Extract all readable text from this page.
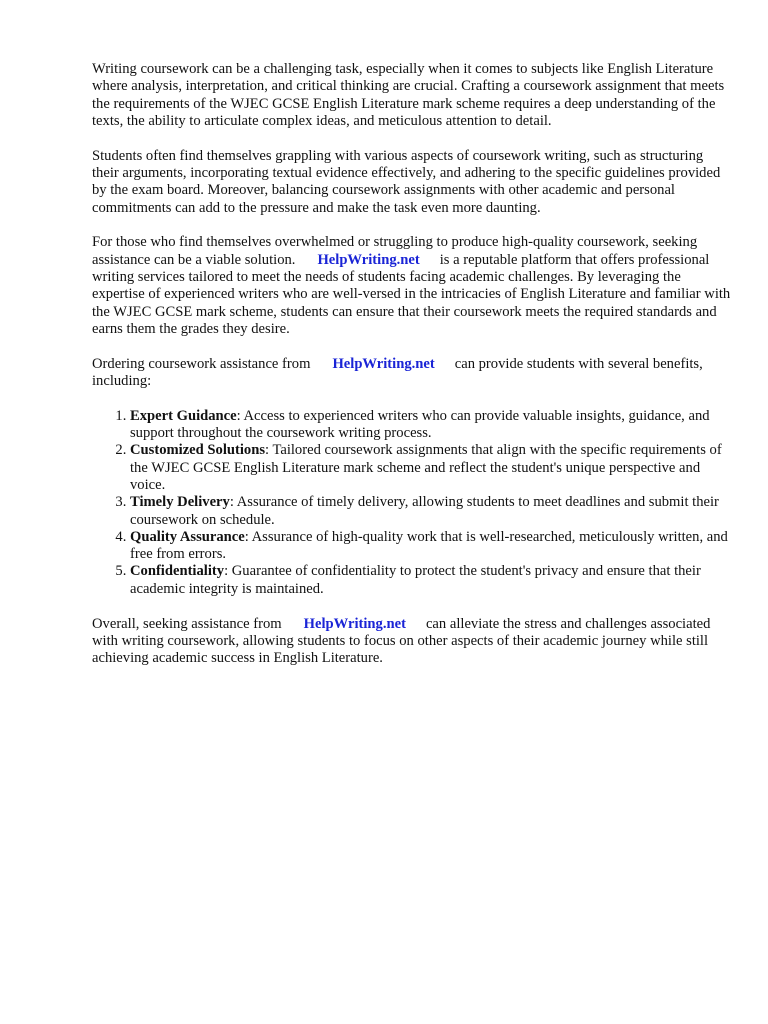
Writing coursework can be a challenging task, especially when it comes to subjects like English Literature where analysis, interpretation, and critical thinking are crucial. Crafting a coursework assignment that meets the requirements of the WJEC GCSE English Literature mark scheme requires a deep understanding of the texts, the ability to articulate complex ideas, and meticulous attention to detail.

Students often find themselves grappling with various aspects of coursework writing, such as structuring their arguments, incorporating textual evidence effectively, and adhering to the specific guidelines provided by the exam board. Moreover, balancing coursework assignments with other academic and personal commitments can add to the pressure and make the task even more daunting.

For those who find themselves overwhelmed or struggling to produce high-quality coursework, seeking assistance can be a viable solution. HelpWriting.net is a reputable platform that offers professional writing services tailored to meet the needs of students facing academic challenges. By leveraging the expertise of experienced writers who are well-versed in the intricacies of English Literature and familiar with the WJEC GCSE mark scheme, students can ensure that their coursework meets the required standards and earns them the grades they desire.

Ordering coursework assistance from HelpWriting.net can provide students with several benefits, including:

1. Expert Guidance: Access to experienced writers who can provide valuable insights, guidance, and support throughout the coursework writing process.
2. Customized Solutions: Tailored coursework assignments that align with the specific requirements of the WJEC GCSE English Literature mark scheme and reflect the student's unique perspective and voice.
3. Timely Delivery: Assurance of timely delivery, allowing students to meet deadlines and submit their coursework on schedule.
4. Quality Assurance: Assurance of high-quality work that is well-researched, meticulously written, and free from errors.
5. Confidentiality: Guarantee of confidentiality to protect the student's privacy and ensure that their academic integrity is maintained.

Overall, seeking assistance from HelpWriting.net can alleviate the stress and challenges associated with writing coursework, allowing students to focus on other aspects of their academic journey while still achieving academic success in English Literature.
